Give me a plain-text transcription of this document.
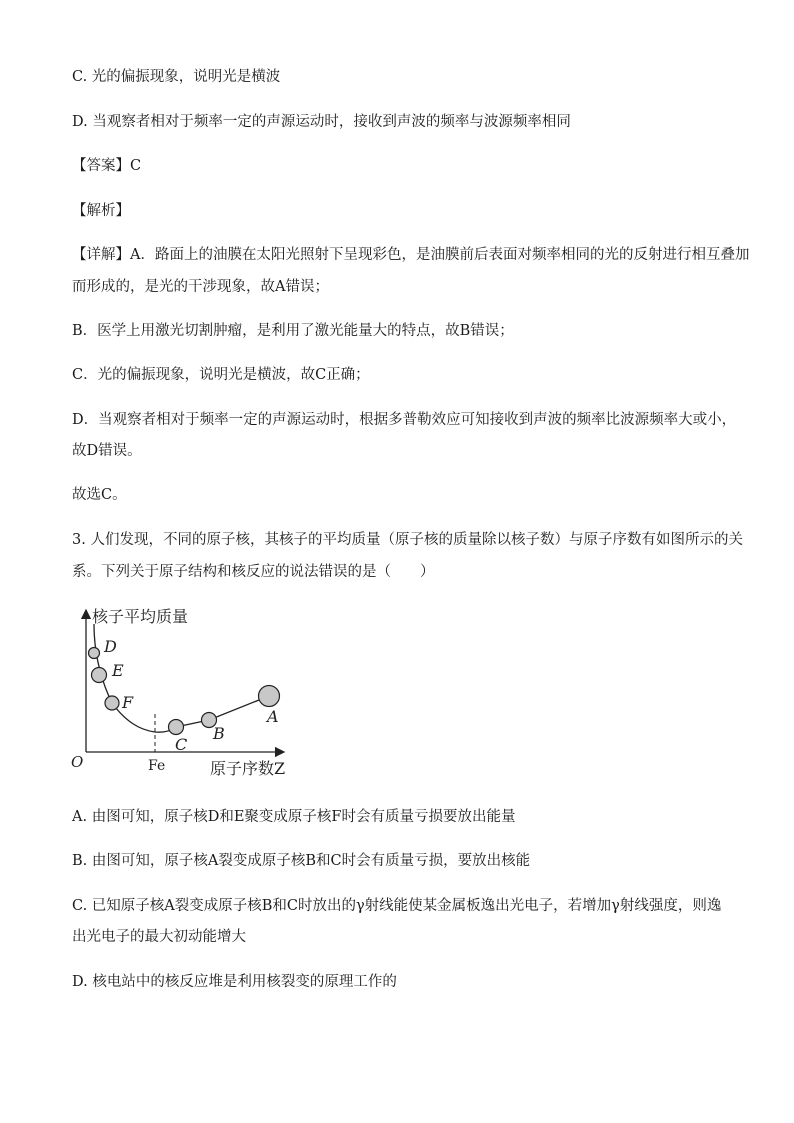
C. 光的偏振现象，说明光是横波
D. 当观察者相对于频率一定的声源运动时，接收到声波的频率与波源频率相同
【答案】C
【解析】
【详解】A．路面上的油膜在太阳光照射下呈现彩色，是油膜前后表面对频率相同的光的反射进行相互叠加
而形成的，是光的干涉现象，故A错误；
B．医学上用激光切割肿瘤，是利用了激光能量大的特点，故B错误；
C．光的偏振现象，说明光是横波，故C正确；
D．当观察者相对于频率一定的声源运动时，根据多普勒效应可知接收到声波的频率比波源频率大或小，
故D错误。
故选C。
3. 人们发现，不同的原子核，其核子的平均质量（原子核的质量除以核子数）与原子序数有如图所示的关
系。下列关于原子结构和核反应的说法错误的是（　　）
核子平均质量
D
E
F
C
B
A
O	Fe	原子序数Z
A. 由图可知，原子核D和E聚变成原子核F时会有质量亏损要放出能量
B. 由图可知，原子核A裂变成原子核B和C时会有质量亏损，要放出核能
C. 已知原子核A裂变成原子核B和C时放出的γ射线能使某金属板逸出光电子，若增加γ射线强度，则逸
出光电子的最大初动能增大
D. 核电站中的核反应堆是利用核裂变的原理工作的
